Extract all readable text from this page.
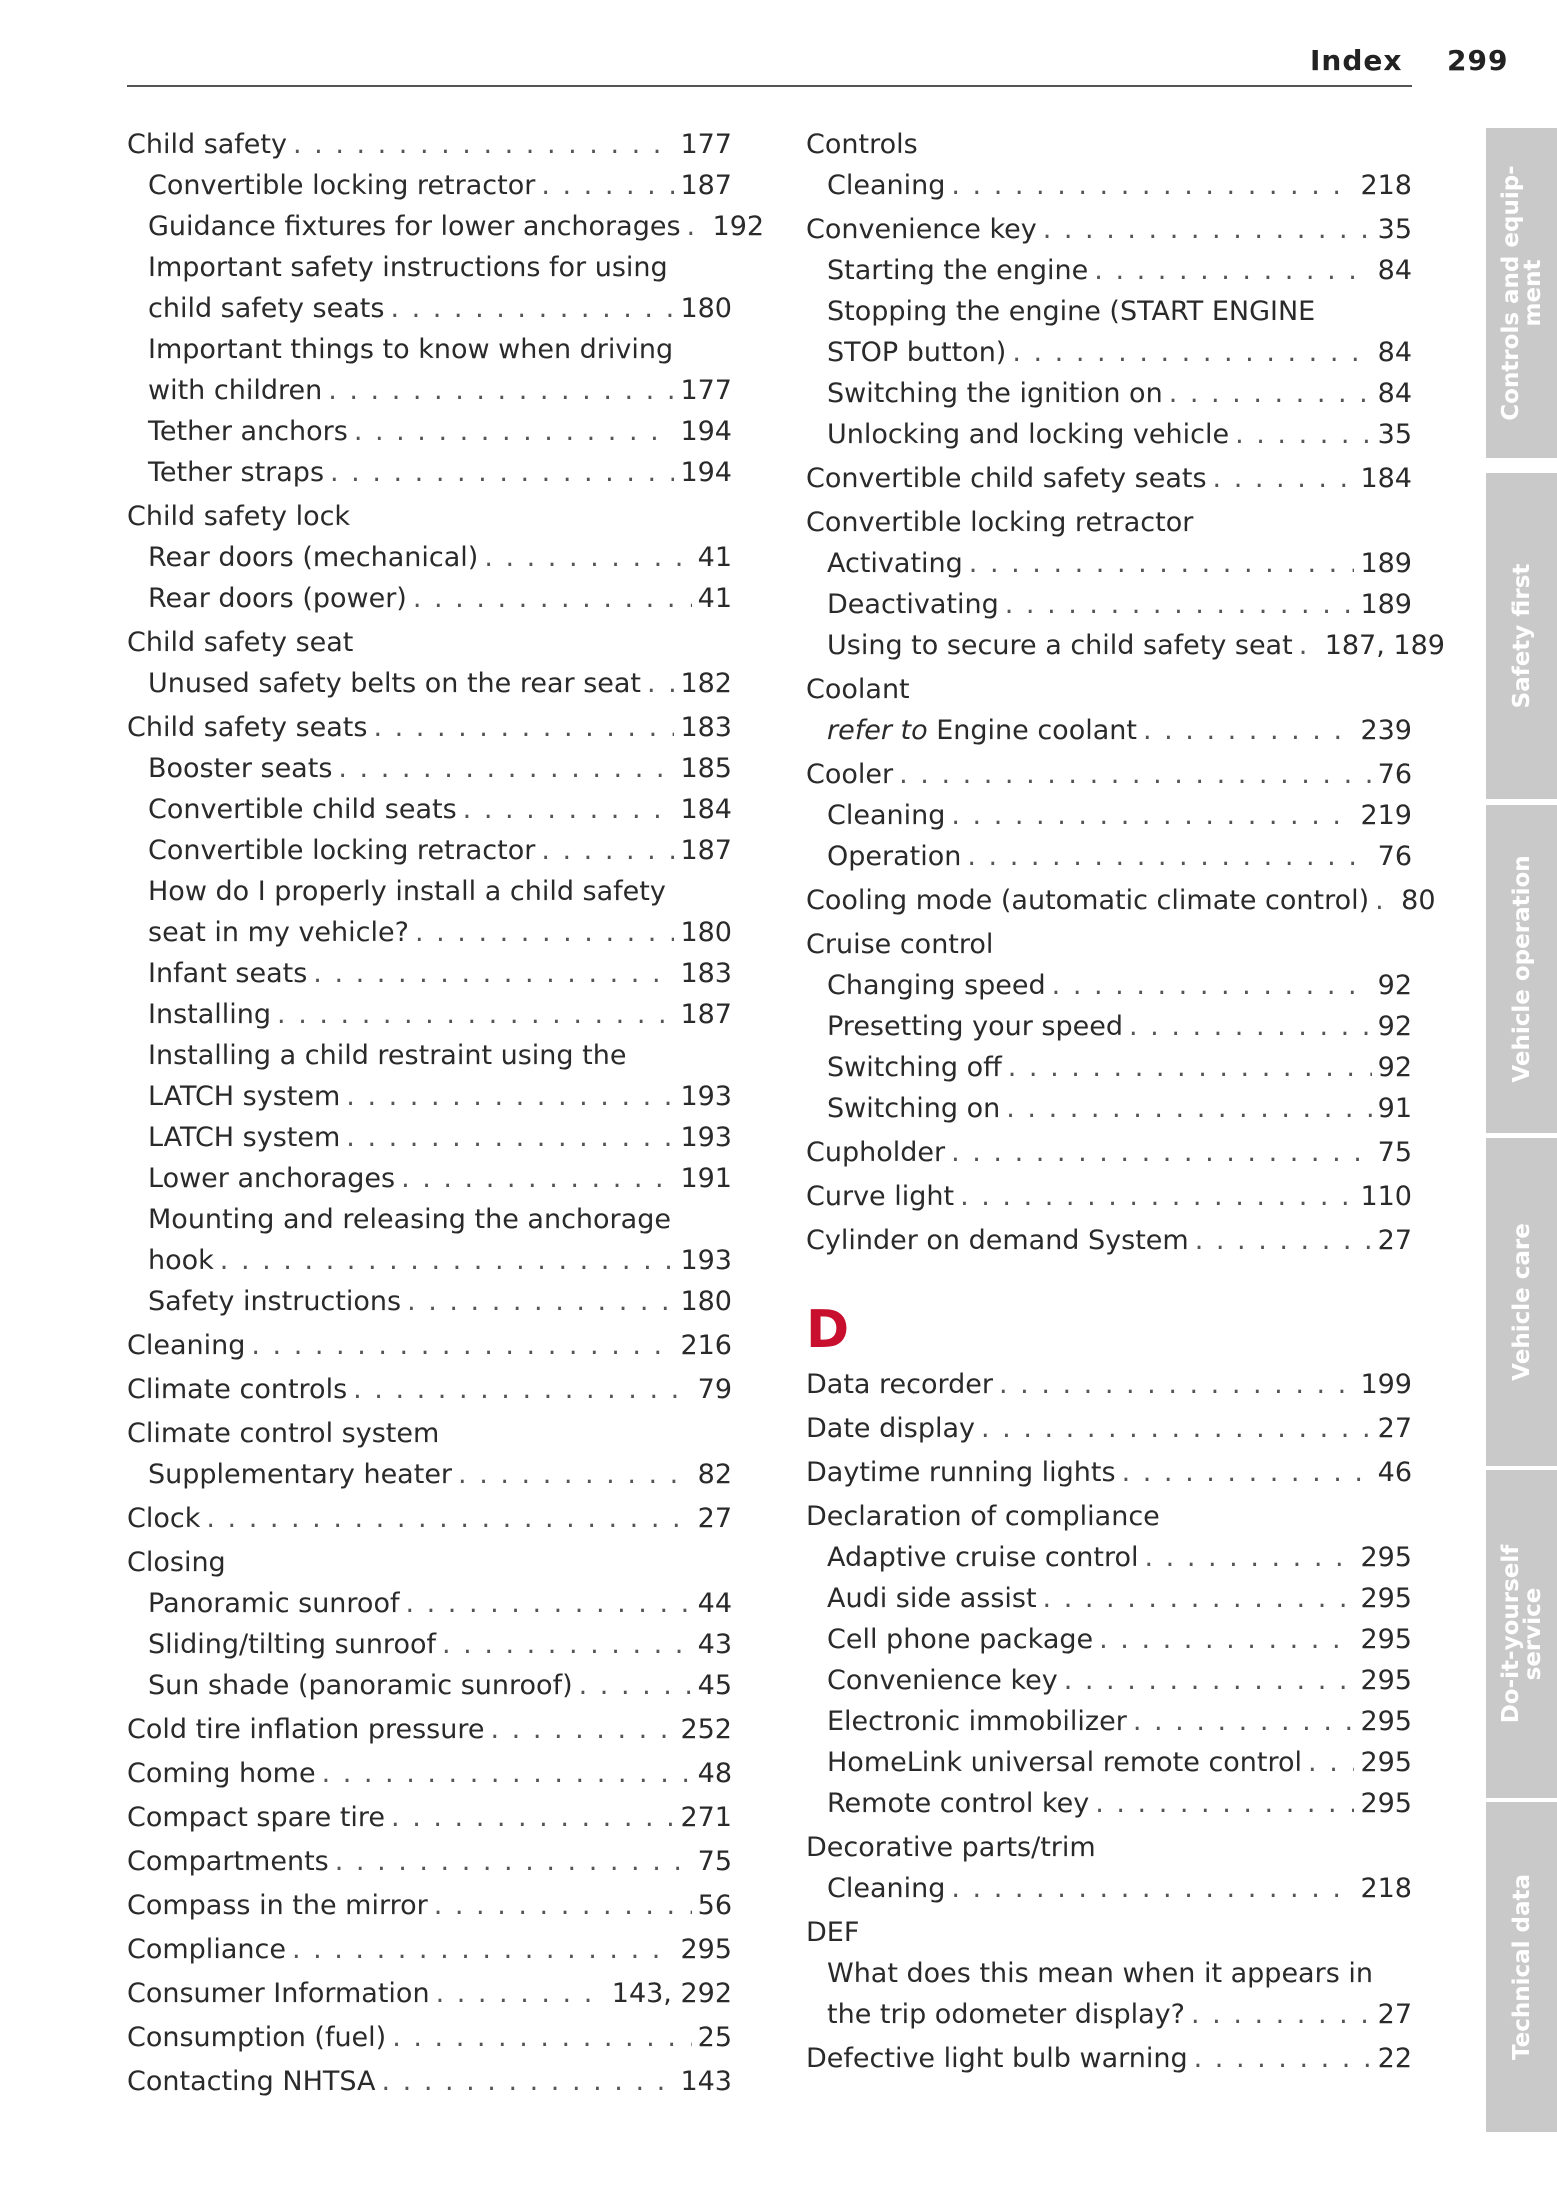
Index 299
Child safety . . .	177
Convertible locking retractor . . .	187
Guidance fixtures for lower anchorages . . . 192
Important safety instructions for using
child safety seats . . .	180
Important things to know when driving
with children . . .	177
Tether anchors . . .	194
Tether straps . . .	194
Child safety lock
Rear doors (mechanical) . . .	41
Rear doors (power) . . .	41
Child safety seat
Unused safety belts on the rear seat . . . 182
Child safety seats . . .	183
Booster seats . . .	185
Convertible child seats . . .	184
Convertible locking retractor . . .	187
How do I properly install a child safety
seat in my vehicle? . . .	180
Infant seats . . .	183
Installing . . .	187
Installing a child restraint using the
LATCH system . . .	193
LATCH system . . .	193
Lower anchorages . . .	191
Mounting and releasing the anchorage
hook . . .	193
Safety instructions . . .	180
Cleaning . . .	216
Climate controls . . .	79
Climate control system
Supplementary heater . . .	82
Clock . . .	27
Closing
Panoramic sunroof . . .	44
Sliding/tilting sunroof . . .	43
Sun shade (panoramic sunroof) . . .	45
Cold tire inflation pressure . . .	252
Coming home . . .	48
Compact spare tire . . .	271
Compartments . . .	75
Compass in the mirror . . .	56
Compliance . . .	295
Consumer Information . . .	143, 292
Consumption (fuel) . . .	25
Contacting NHTSA . . .	143
Controls
Cleaning . . .	218
Convenience key . . .	35
Starting the engine . . .	84
Stopping the engine (START ENGINE
STOP button) . . .	84
Switching the ignition on . . .	84
Unlocking and locking vehicle . . .	35
Convertible child safety seats . . .	184
Convertible locking retractor
Activating . . .	189
Deactivating . . .	189
Using to secure a child safety seat . . . 187, 189
Coolant
refer to Engine coolant . . .	239
Cooler . . .	76
Cleaning . . .	219
Operation . . .	76
Cooling mode (automatic climate control) . . . 80
Cruise control
Changing speed . . .	92
Presetting your speed . . .	92
Switching off . . .	92
Switching on . . .	91
Cupholder . . .	75
Curve light . . .	110
Cylinder on demand System . . .	27
D
Data recorder . . .	199
Date display . . .	27
Daytime running lights . . .	46
Declaration of compliance
Adaptive cruise control . . .	295
Audi side assist . . .	295
Cell phone package . . .	295
Convenience key . . .	295
Electronic immobilizer . . .	295
HomeLink universal remote control . . . 295
Remote control key . . .	295
Decorative parts/trim
Cleaning . . .	218
DEF
What does this mean when it appears in
the trip odometer display? . . .	27
Defective light bulb warning . . .	22
Controls and equip-
ment
Safety first
Vehicle operation
Vehicle care
Do-it-yourself
service
Technical data
